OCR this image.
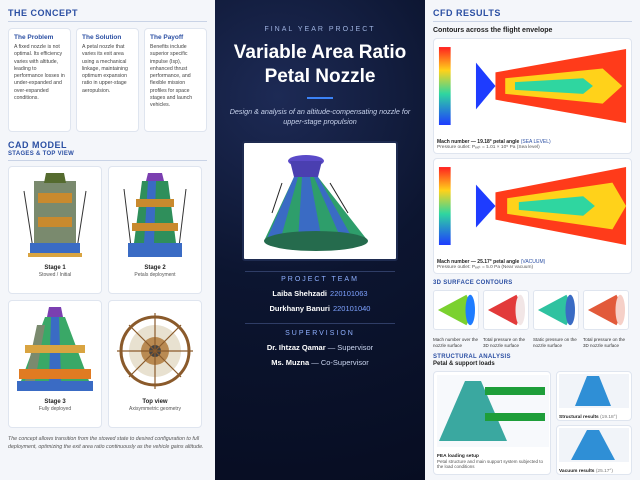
THE CONCEPT
The Problem

A fixed nozzle is not optimal. Its efficiency varies with altitude, leading to performance losses in under-expanded and over-expanded conditions.

The Solution

A petal nozzle that varies its exit area using a mechanical linkage, maintaining optimum expansion ratio in upper-stage aeropulsion.

The Payoff

Benefits include superior specific impulse (Isp), enhanced thrust performance, and flexible mission profiles for space stages and launch vehicles.

CAD MODEL
STAGES & TOP VIEW
Stage 1
Stowed / Initial
Stage 2
Petals deployment
Stage 3
Fully deployed
Top view
Axisymmetric geometry
The concept allows transition from the stowed state to desired configuration to full deployment, optimizing the exit area ratio continuously as the vehicle gains altitude.
FINAL YEAR PROJECT
Variable Area Ratio
Petal Nozzle
Design & analysis of an altitude-compensating nozzle for upper-stage propulsion
PROJECT TEAM
Laiba Shehzadi 220101063
Durkhany Banuri 220101040
SUPERVISION
Dr. Ihtzaz Qamar — Supervisor
Ms. Muzna — Co-Supervisor
CFD RESULTS
Contours across the flight envelope
Mach number — 19.18° petal angle (SEA LEVEL)
Pressure outlet: Pₑₓᵢₜ = 1.01 × 10⁵ Pa (Sea level)
Mach number — 25.17° petal angle (VACUUM)
Pressure outlet: Pₑₓᵢₜ = 5.0 Pa (Near vacuum)
3D SURFACE CONTOURS
Mach number over the nozzle surface
Total pressure on the 3D nozzle surface
Static pressure on the nozzle surface
Total pressure on the 3D nozzle surface
STRUCTURAL ANALYSIS
Petal & support loads
FEA loading setup
Petal structure and main support system subjected to the load conditions
Structural results (19.18°)
Vacuum results (25.17°)
